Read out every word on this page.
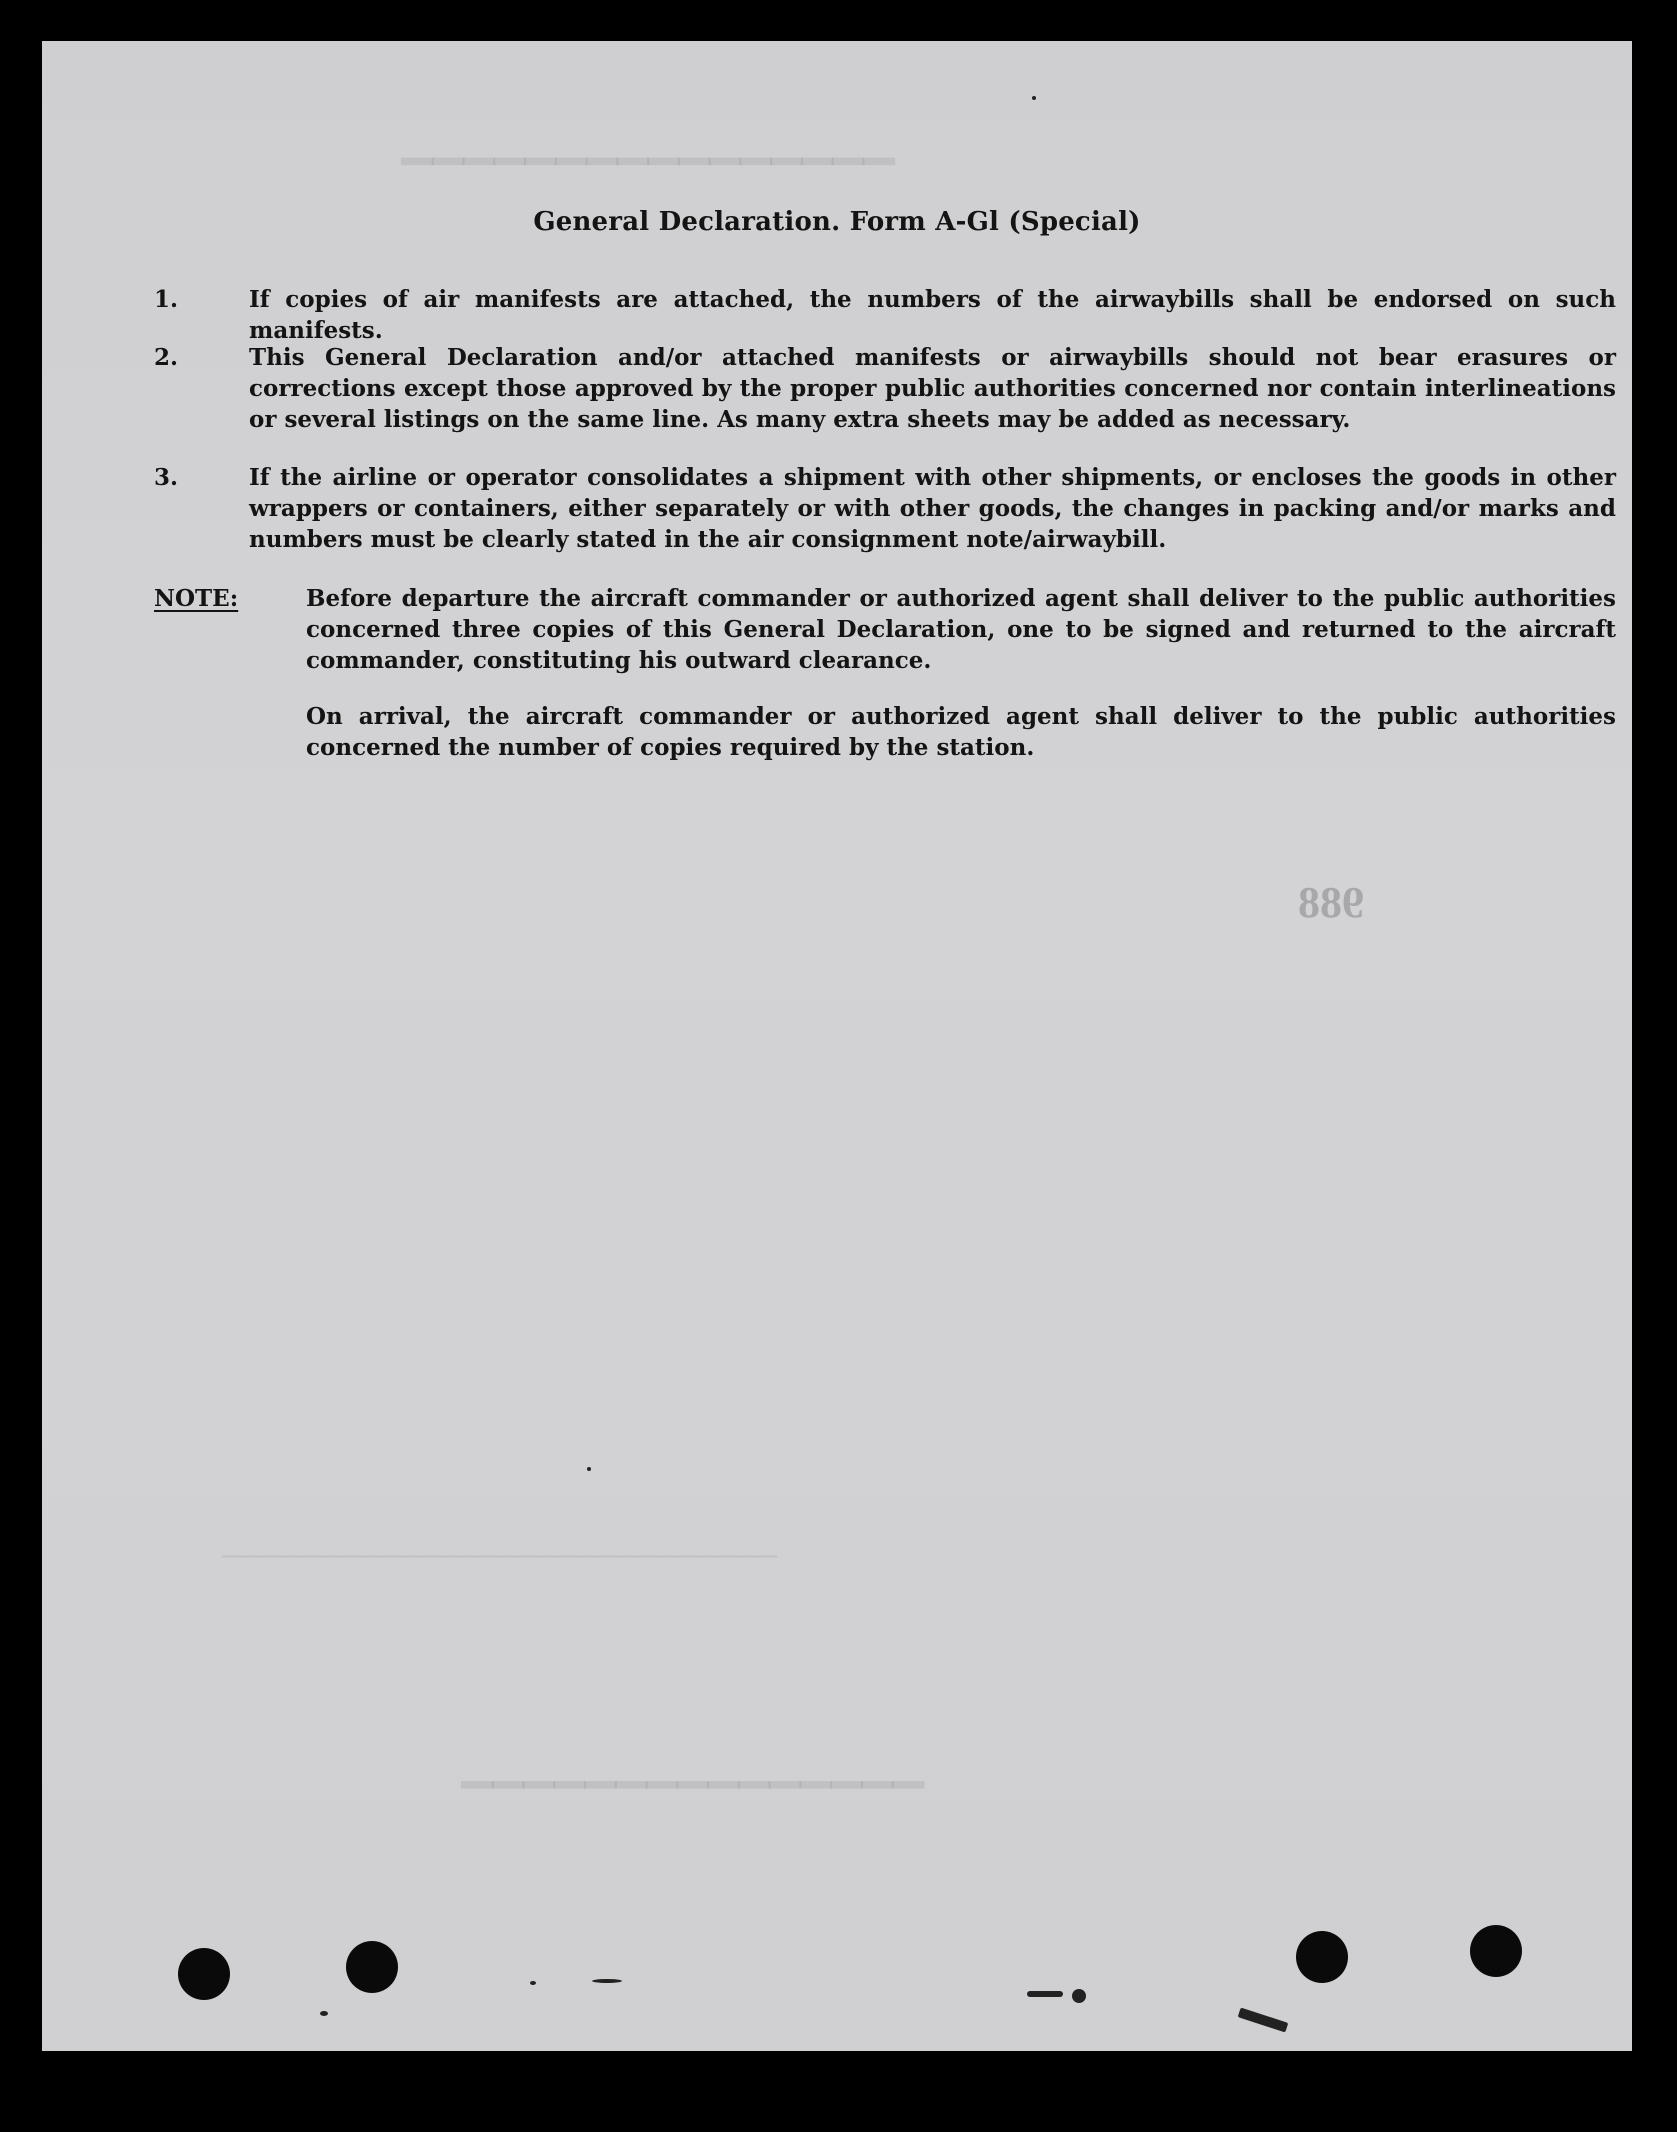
▔▔▔▔▔▔▔▔▔▔▔▔▔▔▔▔
────────────────────────────
▁▁▁▁▁▁▁▁▁▁▁▁▁▁▁
988
General Declaration. Form A-Gl (Special)
1.	If copies of air manifests are attached, the numbers of the airwaybills shall be endorsed on such manifests.
2.	This General Declaration and/or attached manifests or airwaybills should not bear erasures or corrections except those approved by the proper public authorities concerned nor contain interlineations or several listings on the same line. As many extra sheets may be added as necessary.
3.	If the airline or operator consolidates a shipment with other shipments, or encloses the goods in other wrappers or containers, either separately or with other goods, the changes in packing and/or marks and numbers must be clearly stated in the air consignment note/airwaybill.
NOTE:	Before departure the aircraft commander or authorized agent shall deliver to the public authorities concerned three copies of this General Declaration, one to be signed and returned to the aircraft commander, constituting his outward clearance.
On arrival, the aircraft commander or authorized agent shall deliver to the public authorities concerned the number of copies required by the station.
